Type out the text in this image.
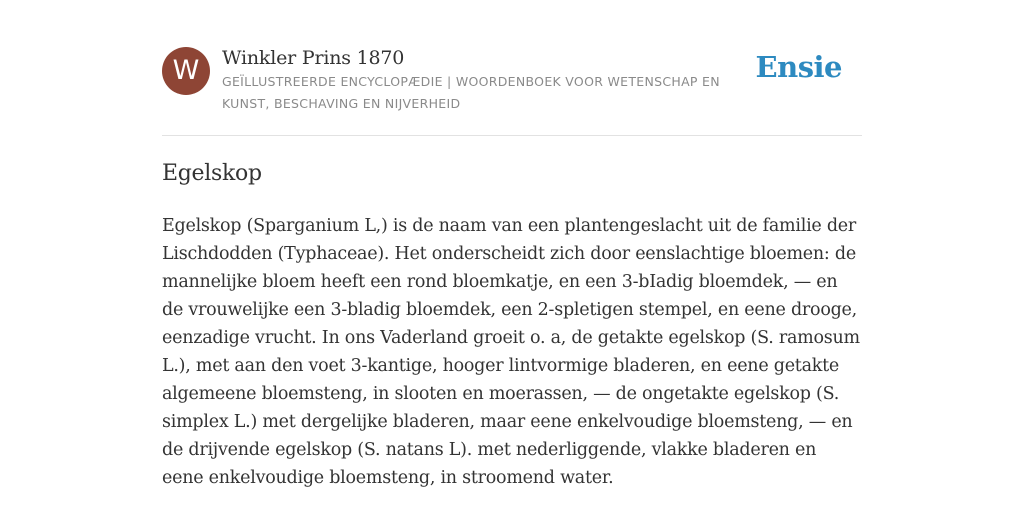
W	Winkler Prins 1870

GEÏLLUSTREERDE ENCYCLOPÆDIE | WOORDENBOEK VOOR WETENSCHAP EN KUNST, BESCHAVING EN NIJVERHEID
Ensie
Egelskop

Egelskop (Sparganium L,) is de naam van een plantengeslacht uit de familie der Lischdodden (Typhaceae). Het onderscheidt zich door eenslachtige bloemen: de mannelijke bloem heeft een rond bloemkatje, en een 3-bIadig bloemdek, — en de vrouwelijke een 3-bladig bloemdek, een 2-spletigen stempel, en eene drooge, eenzadige vrucht. In ons Vaderland groeit o. a, de getakte egelskop (S. ramosum L.), met aan den voet 3-kantige, hooger lintvormige bladeren, en eene getakte algemeene bloemsteng, in slooten en moerassen, — de ongetakte egelskop (S. simplex L.) met dergelijke bladeren, maar eene enkelvoudige bloemsteng, — en de drijvende egelskop (S. natans L). met nederliggende, vlakke bladeren en eene enkelvoudige bloemsteng, in stroomend water.
